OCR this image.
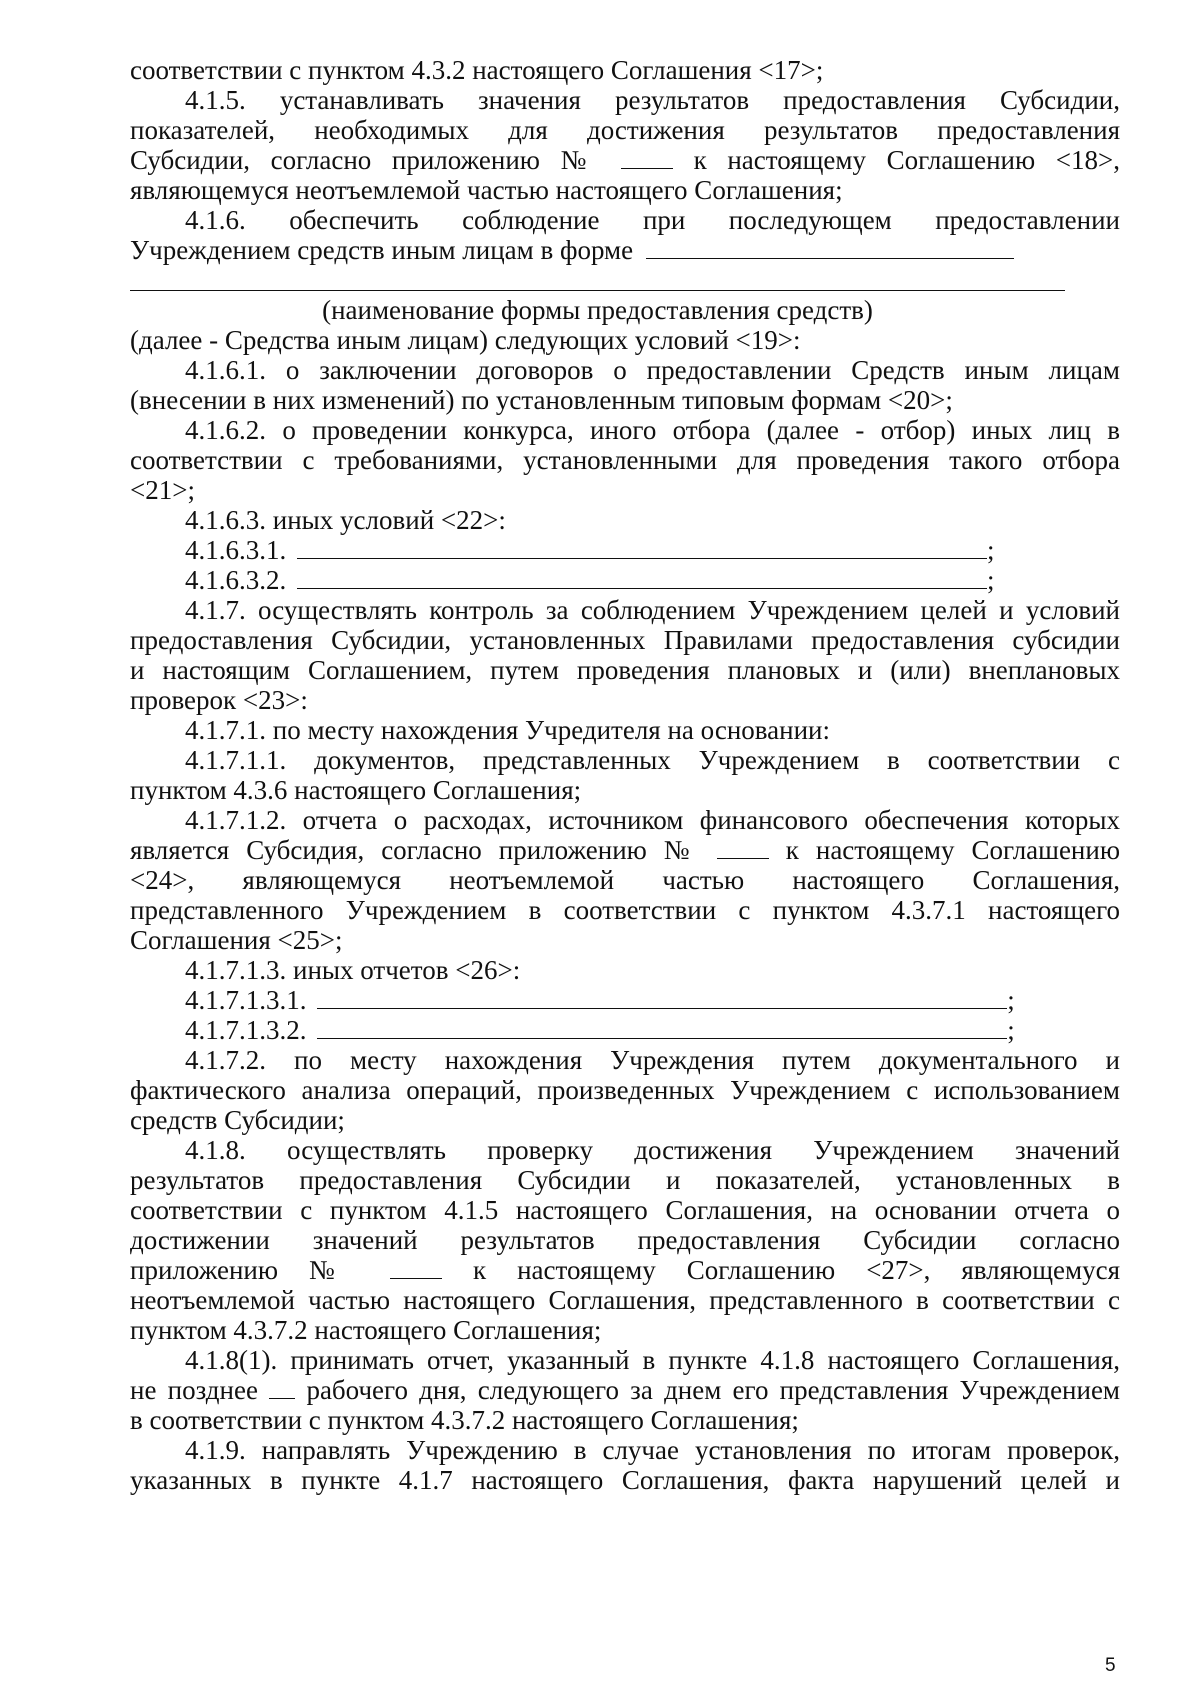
соответствии с пунктом 4.3.2 настоящего Соглашения <17>;
4.1.5. устанавливать значения результатов предоставления Субсидии,
показателей, необходимых для достижения результатов предоставления
Субсидии, согласно приложению №	к настоящему Соглашению <18>,
являющемуся неотъемлемой частью настоящего Соглашения;
4.1.6. обеспечить соблюдение при последующем предоставлении
Учреждением средств иным лицам в форме
(наименование формы предоставления средств)
(далее - Средства иным лицам) следующих условий <19>:
4.1.6.1. о заключении договоров о предоставлении Средств иным лицам
(внесении в них изменений) по установленным типовым формам <20>;
4.1.6.2. о проведении конкурса, иного отбора (далее - отбор) иных лиц в
соответствии с требованиями, установленными для проведения такого отбора
<21>;
4.1.6.3. иных условий <22>:
4.1.6.3.1.	;
4.1.6.3.2.	;
4.1.7. осуществлять контроль за соблюдением Учреждением целей и условий
предоставления Субсидии, установленных Правилами предоставления субсидии
и настоящим Соглашением, путем проведения плановых и (или) внеплановых
проверок <23>:
4.1.7.1. по месту нахождения Учредителя на основании:
4.1.7.1.1. документов, представленных Учреждением в соответствии с
пунктом 4.3.6 настоящего Соглашения;
4.1.7.1.2. отчета о расходах, источником финансового обеспечения которых
является Субсидия, согласно приложению №	к настоящему Соглашению
<24>, являющемуся неотъемлемой частью настоящего Соглашения,
представленного Учреждением в соответствии с пунктом 4.3.7.1 настоящего
Соглашения <25>;
4.1.7.1.3. иных отчетов <26>:
4.1.7.1.3.1.	;
4.1.7.1.3.2.	;
4.1.7.2. по месту нахождения Учреждения путем документального и
фактического анализа операций, произведенных Учреждением с использованием
средств Субсидии;
4.1.8. осуществлять проверку достижения Учреждением значений
результатов предоставления Субсидии и показателей, установленных в
соответствии с пунктом 4.1.5 настоящего Соглашения, на основании отчета о
достижении значений результатов предоставления Субсидии согласно
приложению №	к настоящему Соглашению <27>, являющемуся
неотъемлемой частью настоящего Соглашения, представленного в соответствии с
пунктом 4.3.7.2 настоящего Соглашения;
4.1.8(1). принимать отчет, указанный в пункте 4.1.8 настоящего Соглашения,
не позднее рабочего дня, следующего за днем его представления Учреждением
в соответствии с пунктом 4.3.7.2 настоящего Соглашения;
4.1.9. направлять Учреждению в случае установления по итогам проверок,
указанных в пункте 4.1.7 настоящего Соглашения, факта нарушений целей и
5
